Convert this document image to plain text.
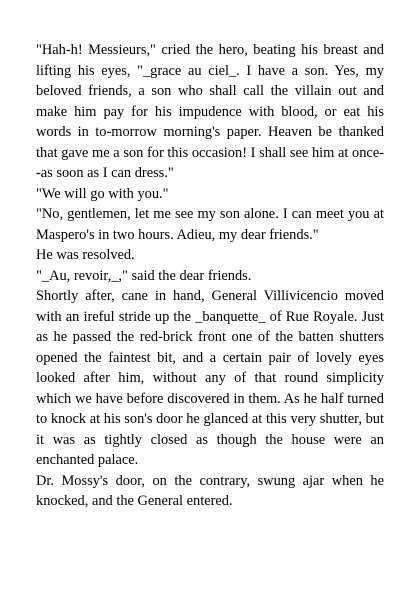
"Hah-h! Messieurs," cried the hero, beating his breast and lifting his eyes, "_grace au ciel_. I have a son. Yes, my beloved friends, a son who shall call the villain out and make him pay for his impudence with blood, or eat his words in to-morrow morning's paper. Heaven be thanked that gave me a son for this occasion! I shall see him at once--as soon as I can dress."

"We will go with you."

"No, gentlemen, let me see my son alone. I can meet you at Maspero's in two hours. Adieu, my dear friends."

He was resolved.

"_Au, revoir,_," said the dear friends.

Shortly after, cane in hand, General Villivicencio moved with an ireful stride up the _banquette_ of Rue Royale. Just as he passed the red-brick front one of the batten shutters opened the faintest bit, and a certain pair of lovely eyes looked after him, without any of that round simplicity which we have before discovered in them. As he half turned to knock at his son's door he glanced at this very shutter, but it was as tightly closed as though the house were an enchanted palace.

Dr. Mossy's door, on the contrary, swung ajar when he knocked, and the General entered.
